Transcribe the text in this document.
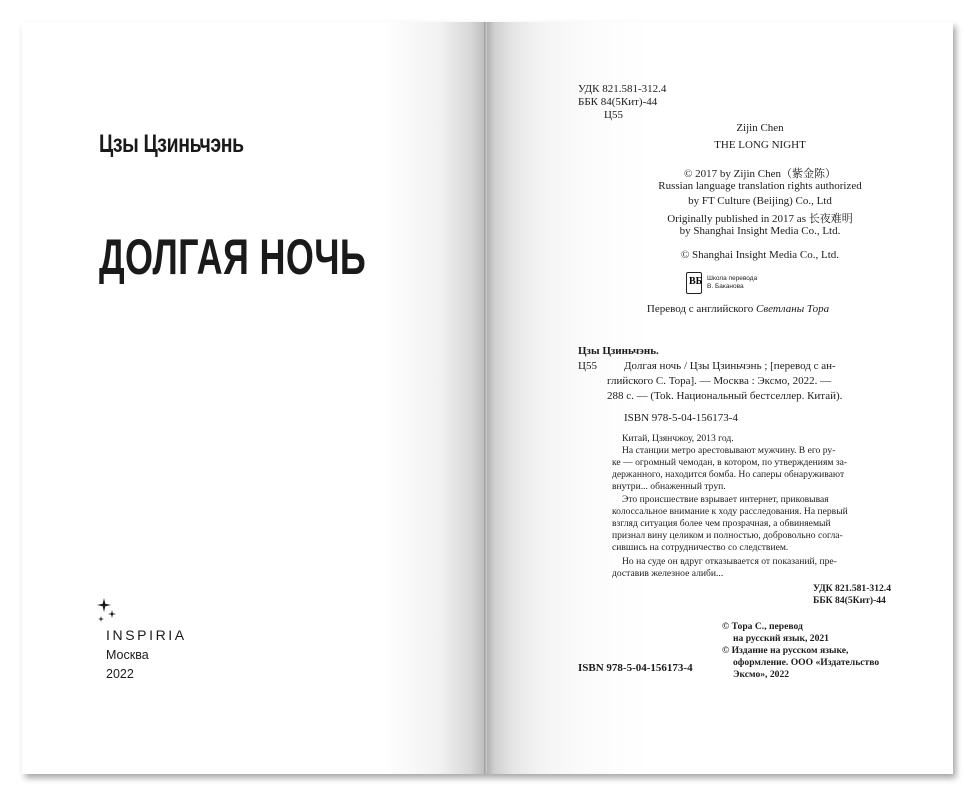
Цзы Цзиньчэнь
ДОЛГАЯ НОЧЬ
INSPIRIA
Москва
2022
УДК 821.581-312.4
ББК 84(5Кит)-44
Ц55
Zijin Chen
THE LONG NIGHT
© 2017 by Zijin Chen（紫金陈）
Russian language translation rights authorized
by FT Culture (Beijing) Co., Ltd
Originally published in 2017 as 长夜难明
by Shanghai Insight Media Co., Ltd.
© Shanghai Insight Media Co., Ltd.
ВБ Школа перевода
В. Баканова
Перевод с английского Светланы Тора
Цзы Цзиньчэнь.
Ц55 Долгая ночь / Цзы Цзиньчэнь ; [перевод с ан-
глийского С. Тора]. — Москва : Эксмо, 2022. —
288 с. — (Tok. Национальный бестселлер. Китай).
ISBN 978-5-04-156173-4
Китай, Цзянчжоу, 2013 год.
На станции метро арестовывают мужчину. В его ру-
ке — огромный чемодан, в котором, по утверждениям за-
держанного, находится бомба. Но саперы обнаруживают
внутри... обнаженный труп.
Это происшествие взрывает интернет, приковывая
колоссальное внимание к ходу расследования. На первый
взгляд ситуация более чем прозрачная, а обвиняемый
признал вину целиком и полностью, добровольно согла-
сившись на сотрудничество со следствием.
Но на суде он вдруг отказывается от показаний, пре-
доставив железное алиби...
УДК 821.581-312.4
ББК 84(5Кит)-44
© Тора С., перевод
на русский язык, 2021
© Издание на русском языке,
оформление. ООО «Издательство
Эксмо», 2022
ISBN 978-5-04-156173-4
